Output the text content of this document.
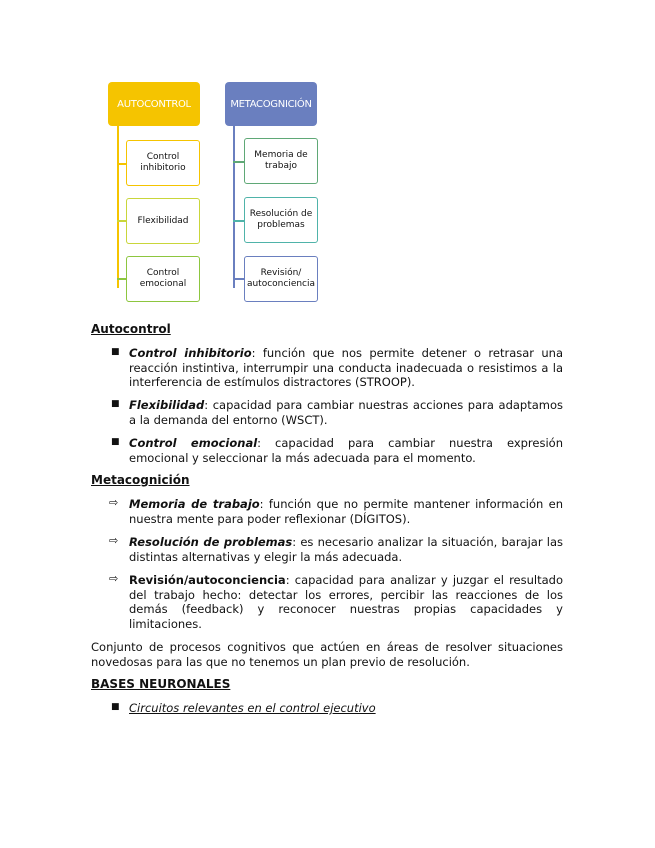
AUTOCONTROL	METACOGNICIÓN
Control inhibitorio
Flexibilidad
Control emocional
Memoria de trabajo
Resolución de problemas
Revisión/ autoconciencia
Autocontrol
■ Control inhibitorio: función que nos permite detener o retrasar una reacción instintiva, interrumpir una conducta inadecuada o resistimos a la interferencia de estímulos distractores (STROOP).
■ Flexibilidad: capacidad para cambiar nuestras acciones para adaptamos a la demanda del entorno (WSCT).
■ Control emocional: capacidad para cambiar nuestra expresión emocional y seleccionar la más adecuada para el momento.
Metacognición
⇨ Memoria de trabajo: función que no permite mantener información en nuestra mente para poder reflexionar (DÍGITOS).
⇨ Resolución de problemas: es necesario analizar la situación, barajar las distintas alternativas y elegir la más adecuada.
⇨ Revisión/autoconciencia: capacidad para analizar y juzgar el resultado del trabajo hecho: detectar los errores, percibir las reacciones de los demás (feedback) y reconocer nuestras propias capacidades y limitaciones.
Conjunto de procesos cognitivos que actúen en áreas de resolver situaciones novedosas para las que no tenemos un plan previo de resolución.
BASES NEURONALES
■ Circuitos relevantes en el control ejecutivo
